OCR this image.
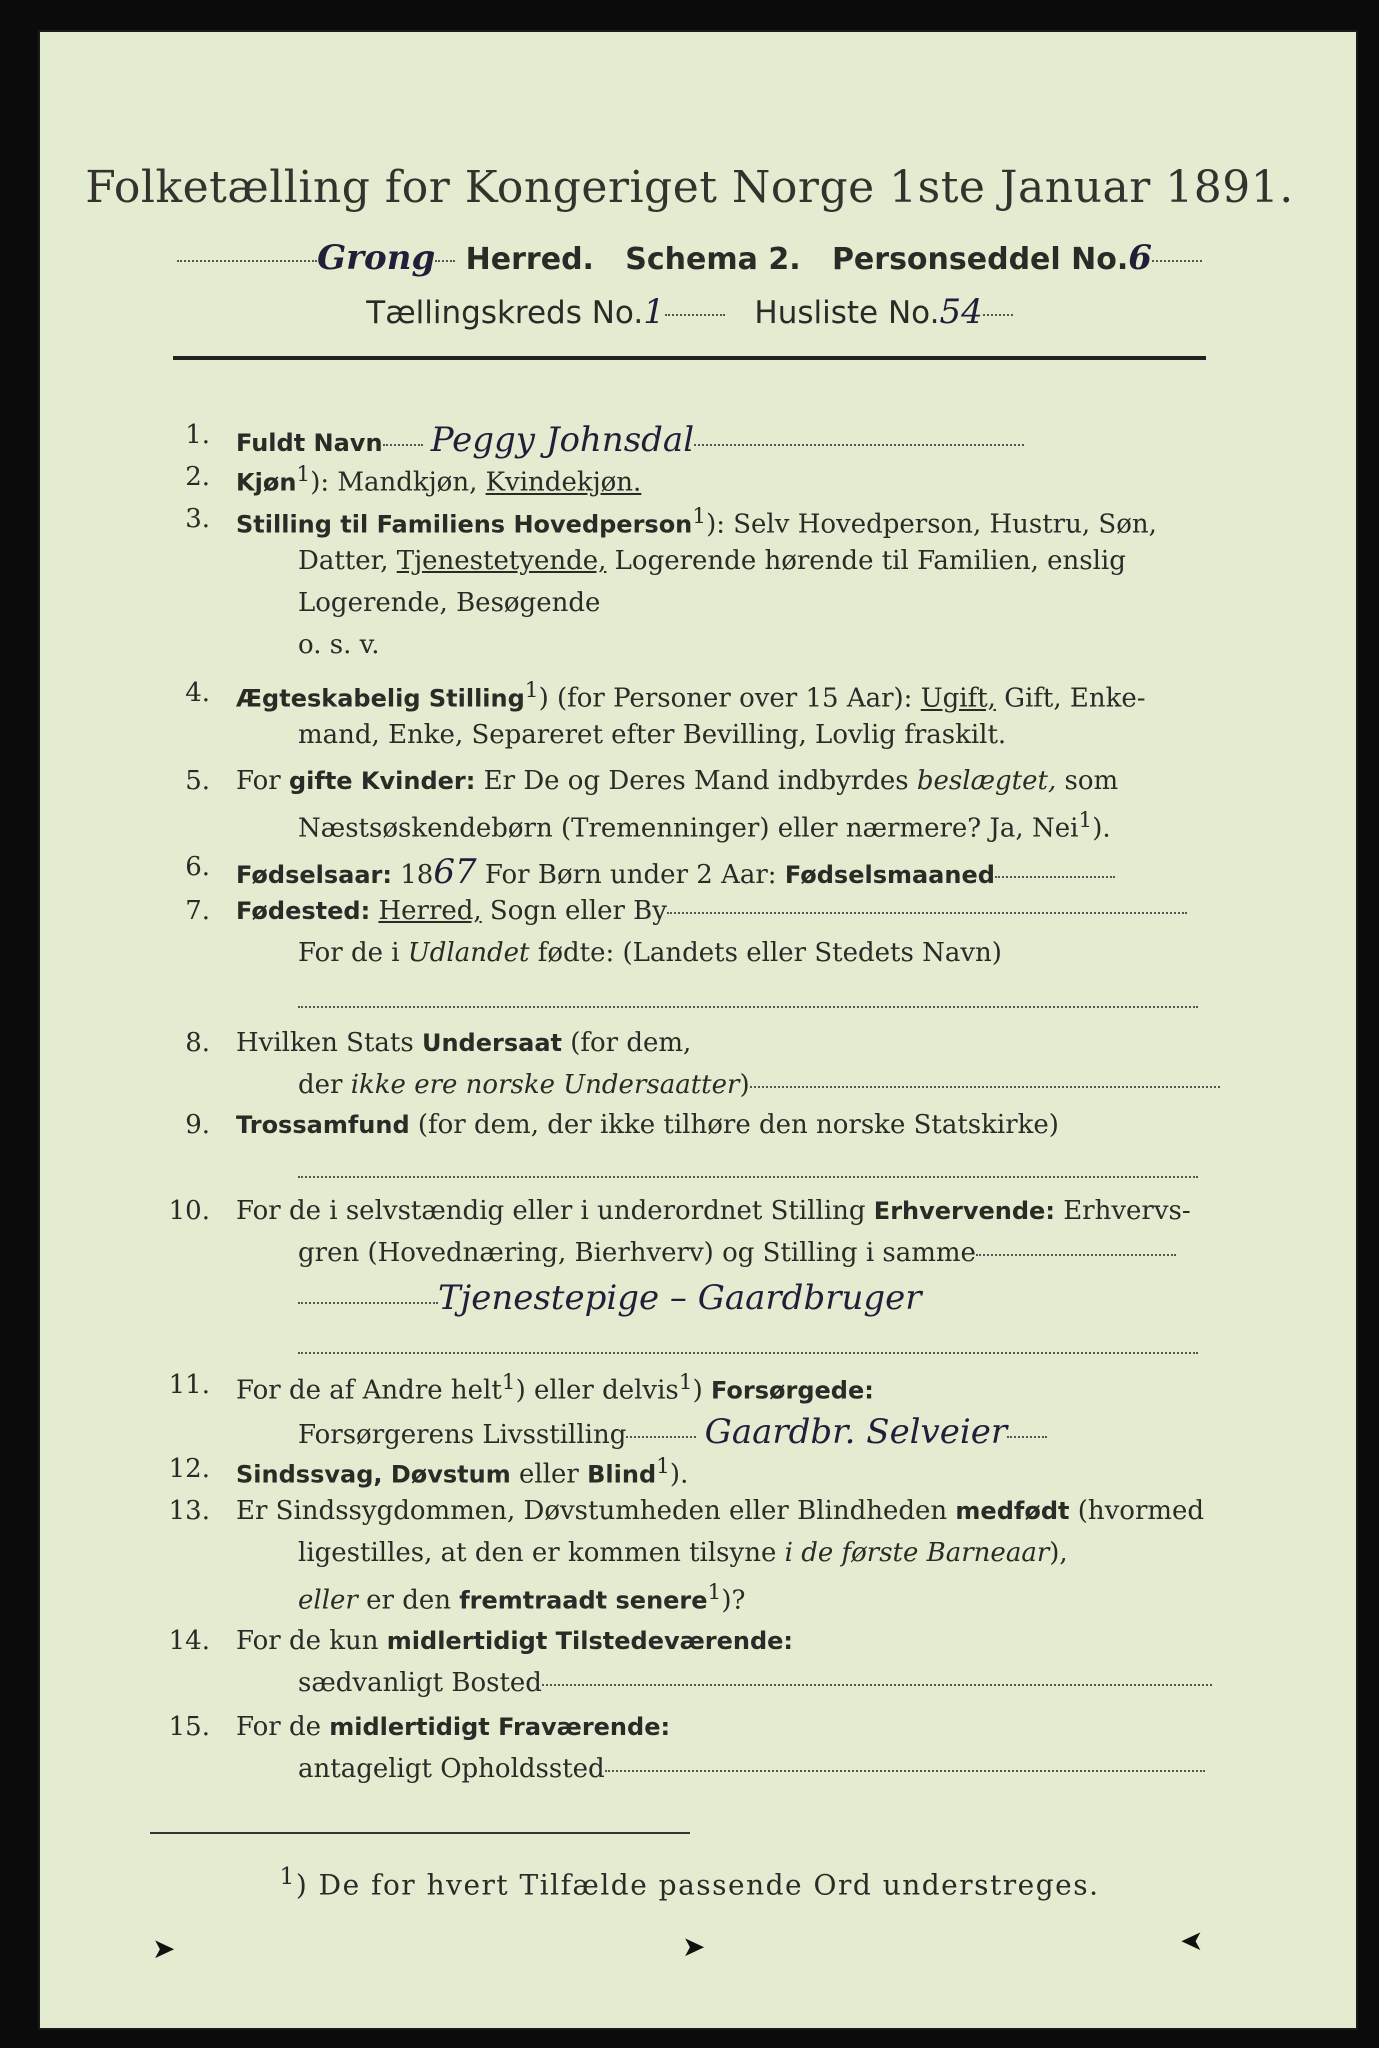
Folketælling for Kongeriget Norge 1ste Januar 1891.
Grong Herred. Schema 2. Personseddel No.6
Tællingskreds No.1	Husliste No.54
1. Fuldt Navn Peggy Johnsdal
2. Kjøn$^1$): Mandkjøn, Kvindekjøn.
3. Stilling til Familiens Hovedperson$^1$): Selv Hovedperson, Hustru, Søn,
Datter, Tjenestetyende, Logerende hørende til Familien, enslig
Logerende, Besøgende
o. s. v.
4. Ægteskabelig Stilling$^1$) (for Personer over 15 Aar): Ugift, Gift, Enke-
mand, Enke, Separeret efter Bevilling, Lovlig fraskilt.
5. For gifte Kvinder: Er De og Deres Mand indbyrdes beslægtet, som
Næstsøskendebørn (Tremenninger) eller nærmere? Ja, Nei$^1$).
6. Fødselsaar: 1867 For Børn under 2 Aar: Fødselsmaaned
7. Fødested: Herred, Sogn eller By
For de i Udlandet fødte: (Landets eller Stedets Navn)
8. Hvilken Stats Undersaat (for dem,
der ikke ere norske Undersaatter)
9. Trossamfund (for dem, der ikke tilhøre den norske Statskirke)
10. For de i selvstændig eller i underordnet Stilling Erhvervende: Erhvervs-
gren (Hovednæring, Bierhverv) og Stilling i samme
Tjenestepige – Gaardbruger
11. For de af Andre helt$^1$) eller delvis$^1$) Forsørgede:
Forsørgerens Livsstilling Gaardbr. Selveier
12. Sindssvag, Døvstum eller Blind$^1$).
13. Er Sindssygdommen, Døvstumheden eller Blindheden medfødt (hvormed
ligestilles, at den er kommen tilsyne i de første Barneaar),
eller er den fremtraadt senere$^1$)?
14. For de kun midlertidigt Tilstedeværende:
sædvanligt Bosted
15. For de midlertidigt Fraværende:
antageligt Opholdssted
$^1$) De for hvert Tilfælde passende Ord understreges.
➤	➤	➤
